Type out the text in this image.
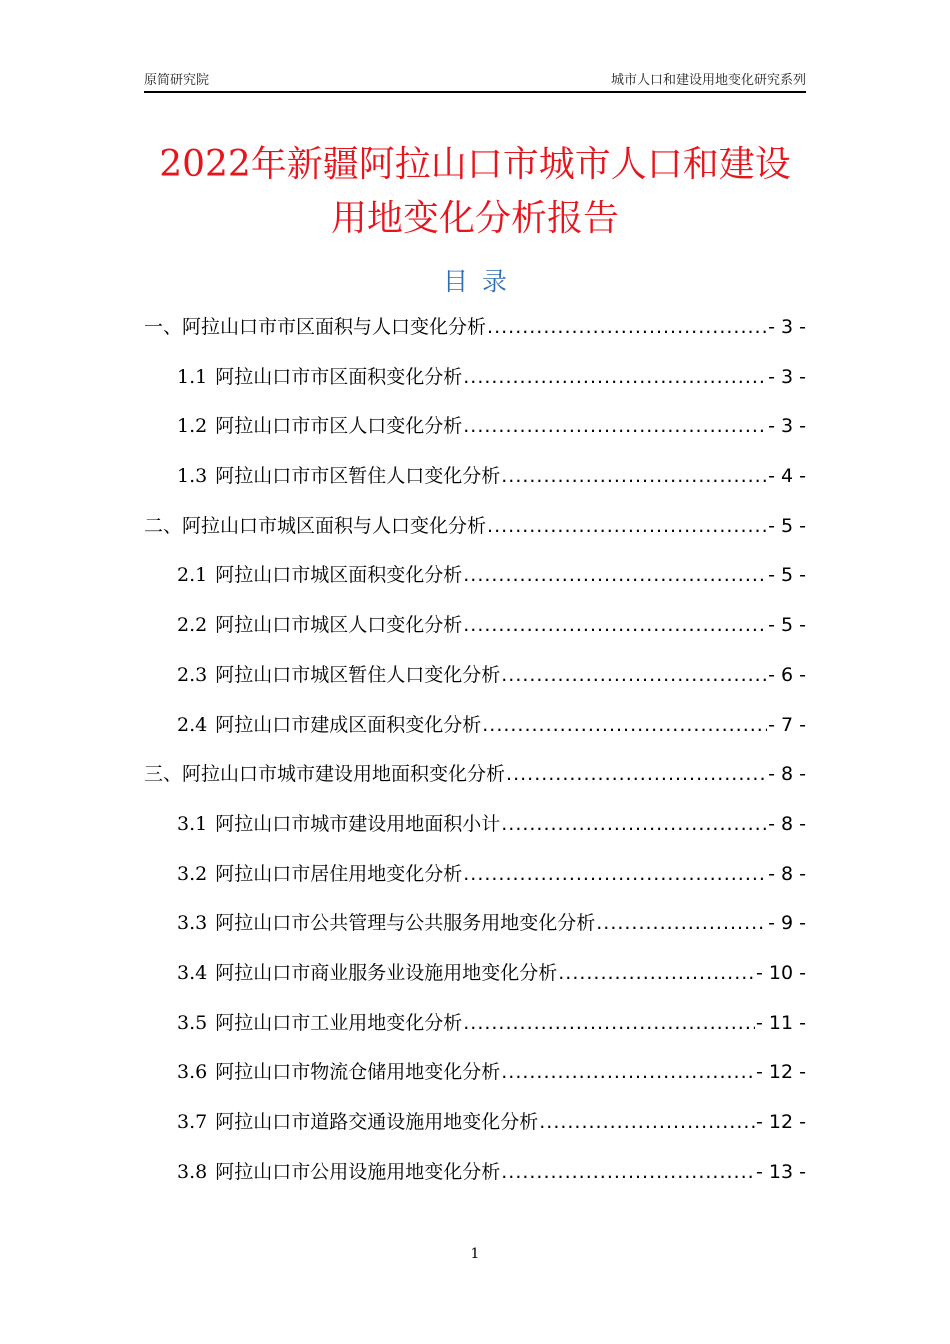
原简研究院	城市人口和建设用地变化研究系列
2022年新疆阿拉山口市城市人口和建设
用地变化分析报告
目录
一、阿拉山口市市区面积与人口变化分析 .....	- 3 -
1.1 阿拉山口市市区面积变化分析 .....	- 3 -
1.2 阿拉山口市市区人口变化分析 .....	- 3 -
1.3 阿拉山口市市区暂住人口变化分析 .....	- 4 -
二、阿拉山口市城区面积与人口变化分析 .....	- 5 -
2.1 阿拉山口市城区面积变化分析 .....	- 5 -
2.2 阿拉山口市城区人口变化分析 .....	- 5 -
2.3 阿拉山口市城区暂住人口变化分析 .....	- 6 -
2.4 阿拉山口市建成区面积变化分析 .....	- 7 -
三、阿拉山口市城市建设用地面积变化分析 .....	- 8 -
3.1 阿拉山口市城市建设用地面积小计 .....	- 8 -
3.2 阿拉山口市居住用地变化分析 .....	- 8 -
3.3 阿拉山口市公共管理与公共服务用地变化分析 .....	- 9 -
3.4 阿拉山口市商业服务业设施用地变化分析 .....	- 10 -
3.5 阿拉山口市工业用地变化分析 .....	- 11 -
3.6 阿拉山口市物流仓储用地变化分析 .....	- 12 -
3.7 阿拉山口市道路交通设施用地变化分析 .....	- 12 -
3.8 阿拉山口市公用设施用地变化分析 .....	- 13 -
1
